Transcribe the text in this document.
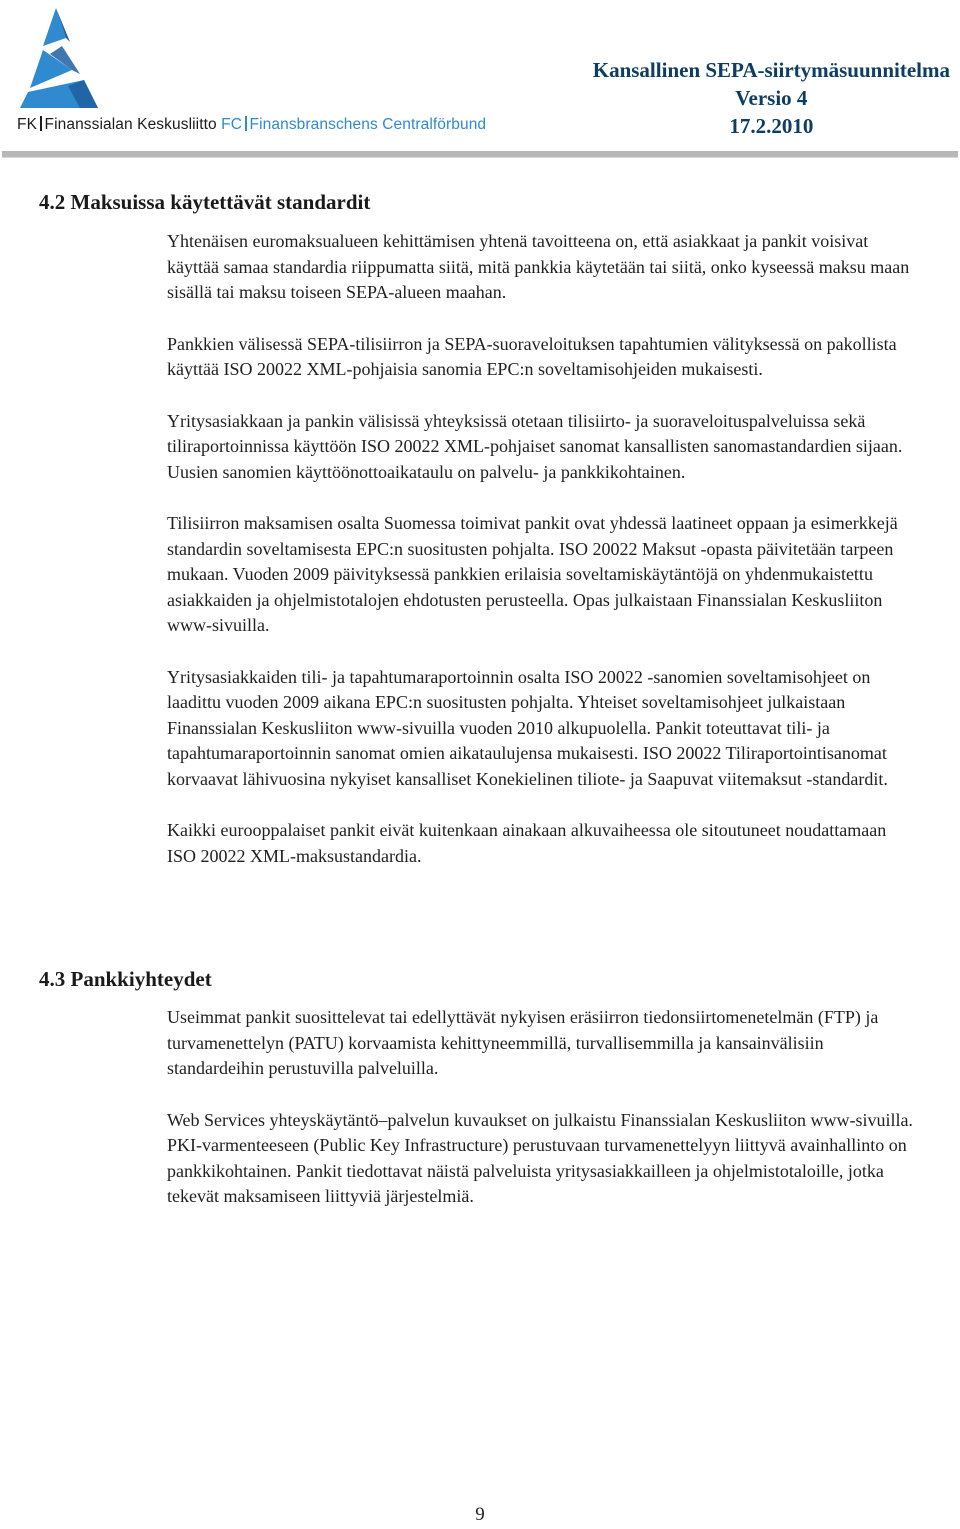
FK Finanssialan Keskusliitto FC Finansbranschens Centralförbund
Kansallinen SEPA-siirtymäsuunnitelma
Versio 4
17.2.2010
4.2 Maksuissa käytettävät standardit

Yhtenäisen euromaksualueen kehittämisen yhtenä tavoitteena on, että asiakkaat ja pankit voisivat käyttää samaa standardia riippumatta siitä, mitä pankkia käytetään tai siitä, onko kyseessä maksu maan sisällä tai maksu toiseen SEPA-alueen maahan.

Pankkien välisessä SEPA-tilisiirron ja SEPA-suoraveloituksen tapahtumien välityksessä on pakollista käyttää ISO 20022 XML-pohjaisia sanomia EPC:n soveltamisohjeiden mukaisesti.

Yritysasiakkaan ja pankin välisissä yhteyksissä otetaan tilisiirto- ja suoraveloituspalveluissa sekä tiliraportoinnissa käyttöön ISO 20022 XML-pohjaiset sanomat kansallisten sanomastandardien sijaan. Uusien sanomien käyttöönottoaikataulu on palvelu- ja pankkikohtainen.

Tilisiirron maksamisen osalta Suomessa toimivat pankit ovat yhdessä laatineet oppaan ja esimerkkejä standardin soveltamisesta EPC:n suositusten pohjalta. ISO 20022 Maksut -opasta päivitetään tarpeen mukaan. Vuoden 2009 päivityksessä pankkien erilaisia soveltamiskäytäntöjä on yhdenmukaistettu asiakkaiden ja ohjelmistotalojen ehdotusten perusteella. Opas julkaistaan Finanssialan Keskusliiton www-sivuilla.

Yritysasiakkaiden tili- ja tapahtumaraportoinnin osalta ISO 20022 -sanomien soveltamisohjeet on laadittu vuoden 2009 aikana EPC:n suositusten pohjalta. Yhteiset soveltamisohjeet julkaistaan Finanssialan Keskusliiton www-sivuilla vuoden 2010 alkupuolella. Pankit toteuttavat tili- ja tapahtumaraportoinnin sanomat omien aikataulujensa mukaisesti. ISO 20022 Tiliraportointisanomat korvaavat lähivuosina nykyiset kansalliset Konekielinen tiliote- ja Saapuvat viitemaksut -standardit.

Kaikki eurooppalaiset pankit eivät kuitenkaan ainakaan alkuvaiheessa ole sitoutuneet noudattamaan ISO 20022 XML-maksustandardia.

4.3 Pankkiyhteydet

Useimmat pankit suosittelevat tai edellyttävät nykyisen eräsiirron tiedonsiirtomenetelmän (FTP) ja turvamenettelyn (PATU) korvaamista kehittyneemmillä, turvallisemmilla ja kansainvälisiin standardeihin perustuvilla palveluilla.

Web Services yhteyskäytäntö–palvelun kuvaukset on julkaistu Finanssialan Keskusliiton www-sivuilla. PKI-varmenteeseen (Public Key Infrastructure) perustuvaan turvamenettelyyn liittyvä avainhallinto on pankkikohtainen. Pankit tiedottavat näistä palveluista yritysasiakkailleen ja ohjelmistotaloille, jotka tekevät maksamiseen liittyviä järjestelmiä.

9
